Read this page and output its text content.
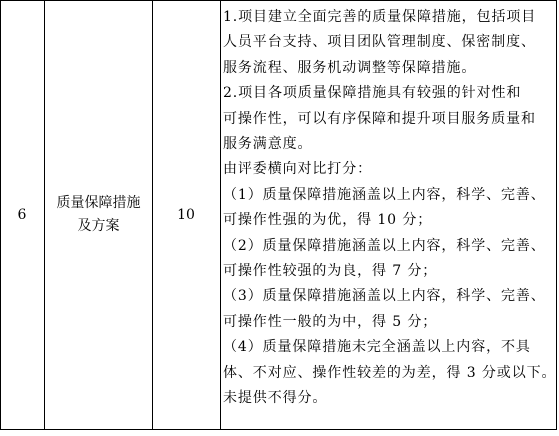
6
质量保障措施
及方案
10
1.项目建立全面完善的质量保障措施，包括项目
人员平台支持、项目团队管理制度、保密制度、
服务流程、服务机动调整等保障措施。
2.项目各项质量保障措施具有较强的针对性和
可操作性，可以有序保障和提升项目服务质量和
服务满意度。
由评委横向对比打分：
（1）质量保障措施涵盖以上内容，科学、完善、
可操作性强的为优，得 10 分；
（2）质量保障措施涵盖以上内容，科学、完善、
可操作性较强的为良，得 7 分；
（3）质量保障措施涵盖以上内容，科学、完善、
可操作性一般的为中，得 5 分；
（4）质量保障措施未完全涵盖以上内容，不具
体、不对应、操作性较差的为差，得 3 分或以下。
未提供不得分。
